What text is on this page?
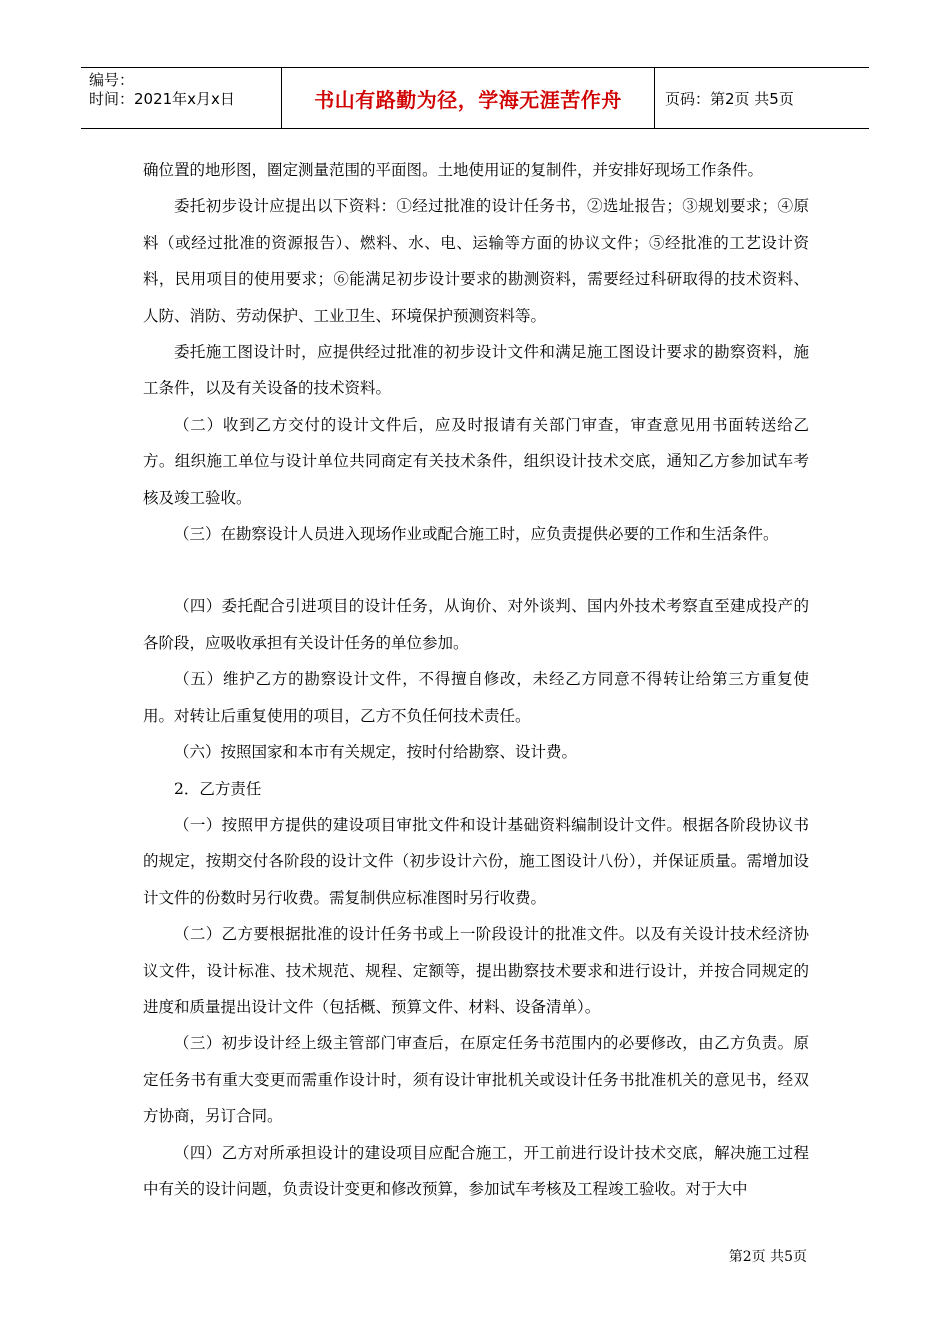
编号：
时间：2021年x月x日	书山有路勤为径，学海无涯苦作舟	页码：第2页 共5页

确位置的地形图，圈定测量范围的平面图。土地使用证的复制件，并安排好现场工作条件。

委托初步设计应提出以下资料：①经过批准的设计任务书，②选址报告；③规划要求；④原料（或经过批准的资源报告）、燃料、水、电、运输等方面的协议文件；⑤经批准的工艺设计资料，民用项目的使用要求；⑥能满足初步设计要求的勘测资料，需要经过科研取得的技术资料、人防、消防、劳动保护、工业卫生、环境保护预测资料等。

委托施工图设计时，应提供经过批准的初步设计文件和满足施工图设计要求的勘察资料，施工条件，以及有关设备的技术资料。

（二）收到乙方交付的设计文件后，应及时报请有关部门审查，审查意见用书面转送给乙方。组织施工单位与设计单位共同商定有关技术条件，组织设计技术交底，通知乙方参加试车考核及竣工验收。

（三）在勘察设计人员进入现场作业或配合施工时，应负责提供必要的工作和生活条件。

（四）委托配合引进项目的设计任务，从询价、对外谈判、国内外技术考察直至建成投产的各阶段，应吸收承担有关设计任务的单位参加。

（五）维护乙方的勘察设计文件，不得擅自修改，未经乙方同意不得转让给第三方重复使用。对转让后重复使用的项目，乙方不负任何技术责任。

（六）按照国家和本市有关规定，按时付给勘察、设计费。

2．乙方责任

（一）按照甲方提供的建设项目审批文件和设计基础资料编制设计文件。根据各阶段协议书的规定，按期交付各阶段的设计文件（初步设计六份，施工图设计八份），并保证质量。需增加设计文件的份数时另行收费。需复制供应标准图时另行收费。

（二）乙方要根据批准的设计任务书或上一阶段设计的批准文件。以及有关设计技术经济协议文件，设计标准、技术规范、规程、定额等，提出勘察技术要求和进行设计，并按合同规定的进度和质量提出设计文件（包括概、预算文件、材料、设备清单）。

（三）初步设计经上级主管部门审查后，在原定任务书范围内的必要修改，由乙方负责。原定任务书有重大变更而需重作设计时，须有设计审批机关或设计任务书批准机关的意见书，经双方协商，另订合同。

（四）乙方对所承担设计的建设项目应配合施工，开工前进行设计技术交底，解决施工过程中有关的设计问题，负责设计变更和修改预算，参加试车考核及工程竣工验收。对于大中

第2页 共5页
